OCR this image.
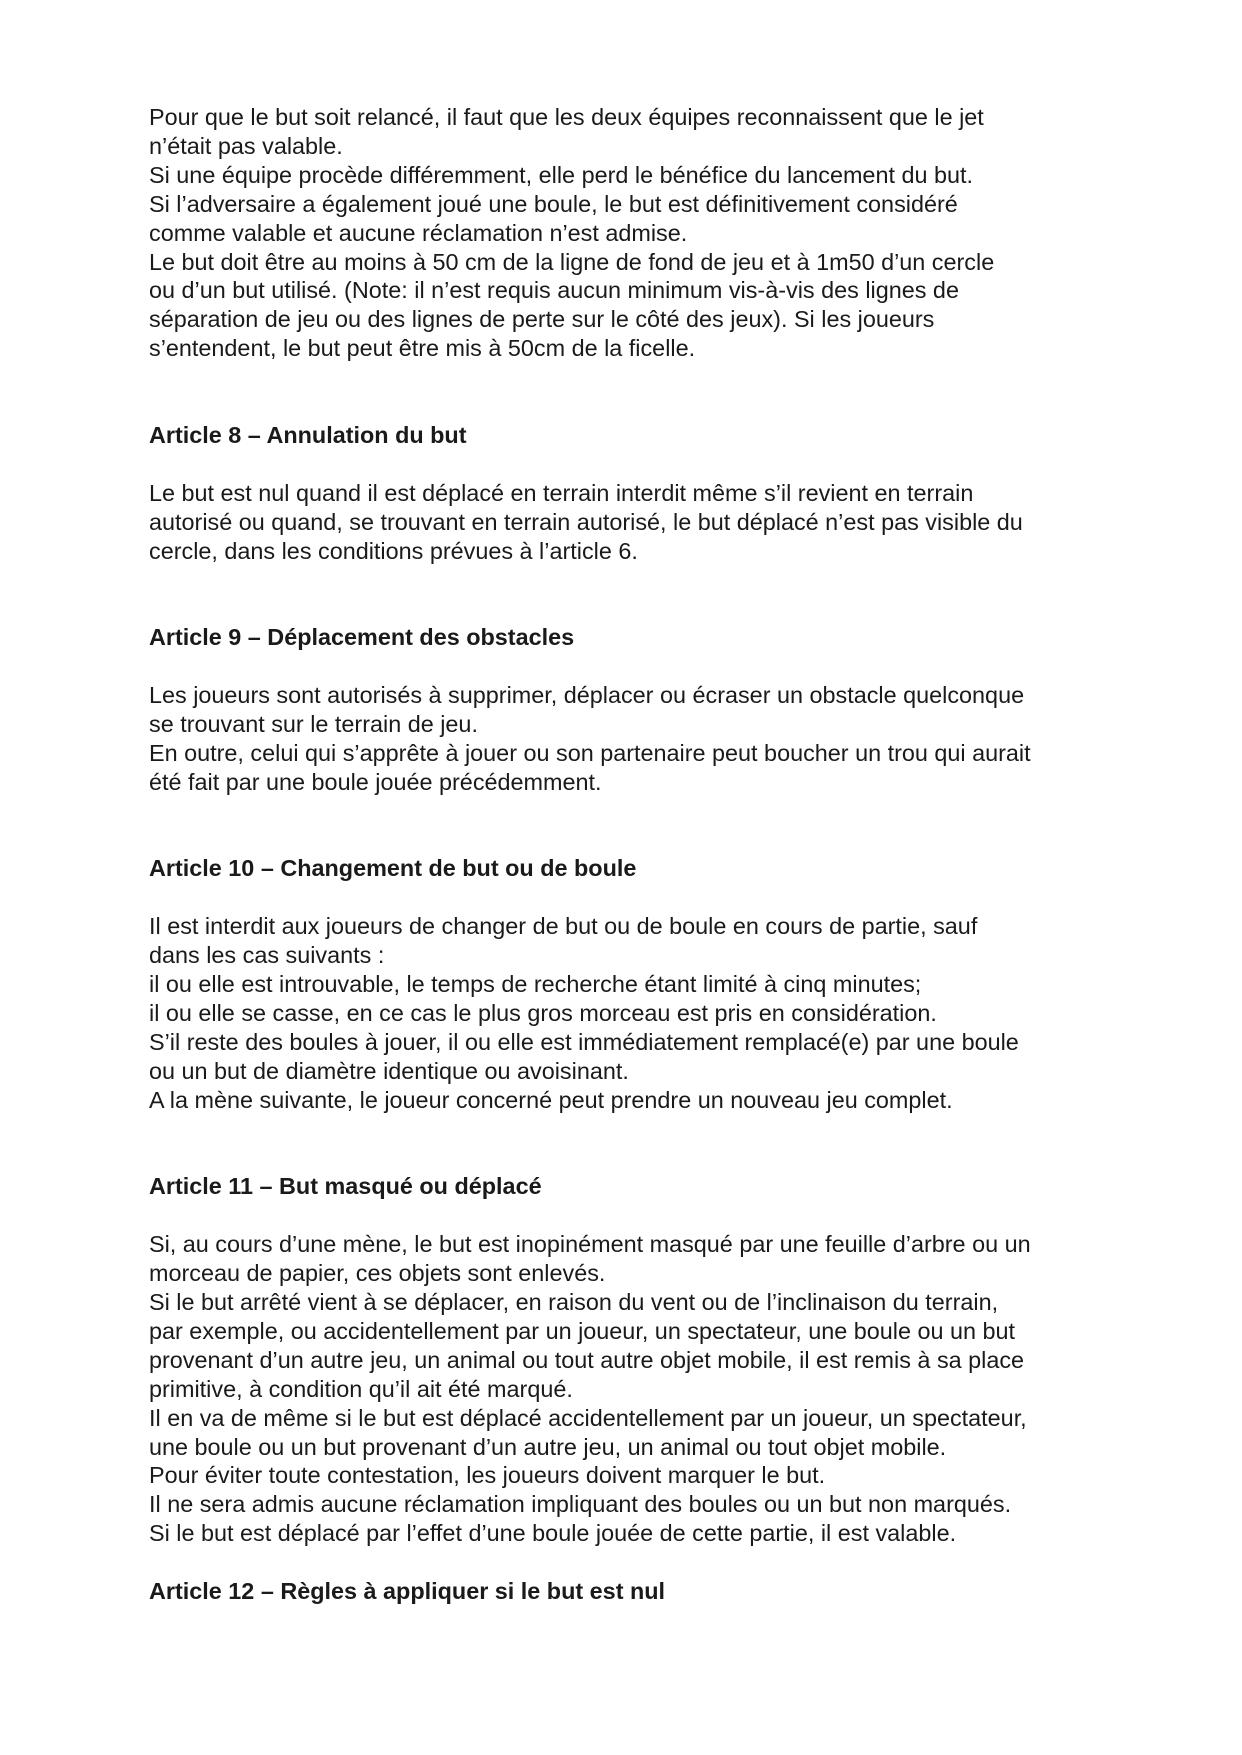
Pour que le but soit relancé, il faut que les deux équipes reconnaissent que le jet
n’était pas valable.
Si une équipe procède différemment, elle perd le bénéfice du lancement du but.
Si l’adversaire a également joué une boule, le but est définitivement considéré
comme valable et aucune réclamation n’est admise.
Le but doit être au moins à 50 cm de la ligne de fond de jeu et à 1m50 d’un cercle
ou d’un but utilisé. (Note: il n’est requis aucun minimum vis-à-vis des lignes de
séparation de jeu ou des lignes de perte sur le côté des jeux). Si les joueurs
s’entendent, le but peut être mis à 50cm de la ficelle.

Article 8 – Annulation du but

Le but est nul quand il est déplacé en terrain interdit même s’il revient en terrain
autorisé ou quand, se trouvant en terrain autorisé, le but déplacé n’est pas visible du
cercle, dans les conditions prévues à l’article 6.

Article 9 – Déplacement des obstacles

Les joueurs sont autorisés à supprimer, déplacer ou écraser un obstacle quelconque
se trouvant sur le terrain de jeu.
En outre, celui qui s’apprête à jouer ou son partenaire peut boucher un trou qui aurait
été fait par une boule jouée précédemment.

Article 10 – Changement de but ou de boule

Il est interdit aux joueurs de changer de but ou de boule en cours de partie, sauf
dans les cas suivants :
il ou elle est introuvable, le temps de recherche étant limité à cinq minutes;
il ou elle se casse, en ce cas le plus gros morceau est pris en considération.
S’il reste des boules à jouer, il ou elle est immédiatement remplacé(e) par une boule
ou un but de diamètre identique ou avoisinant.
A la mène suivante, le joueur concerné peut prendre un nouveau jeu complet.

Article 11 – But masqué ou déplacé

Si, au cours d’une mène, le but est inopinément masqué par une feuille d’arbre ou un
morceau de papier, ces objets sont enlevés.
Si le but arrêté vient à se déplacer, en raison du vent ou de l’inclinaison du terrain,
par exemple, ou accidentellement par un joueur, un spectateur, une boule ou un but
provenant d’un autre jeu, un animal ou tout autre objet mobile, il est remis à sa place
primitive, à condition qu’il ait été marqué.
Il en va de même si le but est déplacé accidentellement par un joueur, un spectateur,
une boule ou un but provenant d’un autre jeu, un animal ou tout objet mobile.
Pour éviter toute contestation, les joueurs doivent marquer le but.
Il ne sera admis aucune réclamation impliquant des boules ou un but non marqués.
Si le but est déplacé par l’effet d’une boule jouée de cette partie, il est valable.

Article 12 – Règles à appliquer si le but est nul
